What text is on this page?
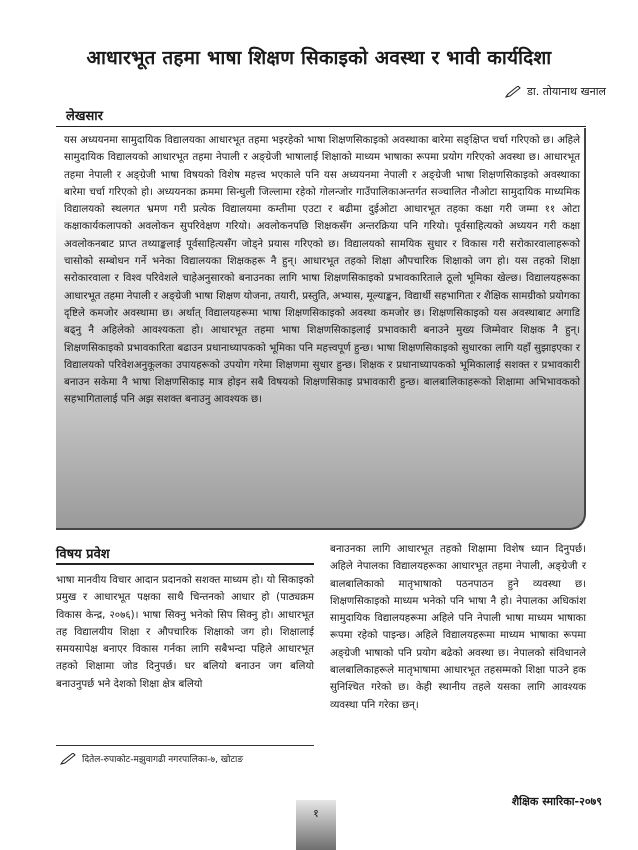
आधारभूत तहमा भाषा शिक्षण सिकाइको अवस्था र भावी कार्यदिशा
डा. तोयानाथ खनाल
लेखसार
यस अध्ययनमा सामुदायिक विद्यालयका आधारभूत तहमा भइरहेको भाषा शिक्षणसिकाइको अवस्थाका बारेमा सङ्क्षिप्त चर्चा गरिएको छ। अहिले सामुदायिक विद्यालयको आधारभूत तहमा नेपाली र अङ्ग्रेजी भाषालाई शिक्षाको माध्यम भाषाका रूपमा प्रयोग गरिएको अवस्था छ। आधारभूत तहमा नेपाली र अङ्ग्रेजी भाषा विषयको विशेष महत्त्व भएकाले पनि यस अध्ययनमा नेपाली र अङ्ग्रेजी भाषा शिक्षणसिकाइको अवस्थाका बारेमा चर्चा गरिएको हो। अध्ययनका क्रममा सिन्धुली जिल्लामा रहेको गोलन्जोर गाउँपालिकाअन्तर्गत सञ्चालित नौओटा सामुदायिक माध्यमिक विद्यालयको स्थलगत भ्रमण गरी प्रत्येक विद्यालयमा कम्तीमा एउटा र बढीमा दुईओटा आधारभूत तहका कक्षा गरी जम्मा ११ ओटा कक्षाकार्यकलापको अवलोकन सुपरिवेक्षण गरियो। अवलोकनपछि शिक्षकसँग अन्तरक्रिया पनि गरियो। पूर्वसाहित्यको अध्ययन गरी कक्षा अवलोकनबाट प्राप्त तथ्याङ्कलाई पूर्वसाहित्यसँग जोड्ने प्रयास गरिएको छ। विद्यालयको सामयिक सुधार र विकास गरी सरोकारवालाहरूको चासोको सम्बोधन गर्ने भनेका विद्यालयका शिक्षकहरू नै हुन्। आधारभूत तहको शिक्षा औपचारिक शिक्षाको जग हो। यस तहको शिक्षा सरोकारवाला र विश्व परिवेशले चाहेअनुसारको बनाउनका लागि भाषा शिक्षणसिकाइको प्रभावकारिताले ठूलो भूमिका खेल्छ। विद्यालयहरूका आधारभूत तहमा नेपाली र अङ्ग्रेजी भाषा शिक्षण योजना, तयारी, प्रस्तुति, अभ्यास, मूल्याङ्कन, विद्यार्थी सहभागिता र शैक्षिक सामग्रीको प्रयोगका दृष्टिले कमजोर अवस्थामा छ। अर्थात् विद्यालयहरूमा भाषा शिक्षणसिकाइको अवस्था कमजोर छ। शिक्षणसिकाइको यस अवस्थाबाट अगाडि बढ्नु नै अहिलेको आवश्यकता हो। आधारभूत तहमा भाषा शिक्षणसिकाइलाई प्रभावकारी बनाउने मुख्य जिम्मेवार शिक्षक नै हुन्। शिक्षणसिकाइको प्रभावकारिता बढाउन प्रधानाध्यापकको भूमिका पनि महत्त्वपूर्ण हुन्छ। भाषा शिक्षणसिकाइको सुधारका लागि यहाँ सुझाइएका र विद्यालयको परिवेशअनुकूलका उपायहरूको उपयोग गरेमा शिक्षणमा सुधार हुन्छ। शिक्षक र प्रधानाध्यापकको भूमिकालाई सशक्त र प्रभावकारी बनाउन सकेमा नै भाषा शिक्षणसिकाइ मात्र होइन सबै विषयको शिक्षणसिकाइ प्रभावकारी हुन्छ। बालबालिकाहरूको शिक्षामा अभिभावकको सहभागितालाई पनि अझ सशक्त बनाउनु आवश्यक छ।
विषय प्रवेश
भाषा मानवीय विचार आदान प्रदानको सशक्त माध्यम हो। यो सिकाइको प्रमुख र आधारभूत पक्षका साथै चिन्तनको आधार हो (पाठ्यक्रम विकास केन्द्र, २०७६)। भाषा सिक्नु भनेको सिप सिक्नु हो। आधारभूत तह विद्यालयीय शिक्षा र औपचारिक शिक्षाको जग हो। शिक्षालाई समयसापेक्ष बनाएर विकास गर्नका लागि सबैभन्दा पहिले आधारभूत तहको शिक्षामा जोड दिनुपर्छ। घर बलियो बनाउन जग बलियो बनाउनुपर्छ भने देशको शिक्षा क्षेत्र बलियो
बनाउनका लागि आधारभूत तहको शिक्षामा विशेष ध्यान दिनुपर्छ। अहिले नेपालका विद्यालयहरूका आधारभूत तहमा नेपाली, अङ्ग्रेजी र बालबालिकाको मातृभाषाको पठनपाठन हुने व्यवस्था छ। शिक्षणसिकाइको माध्यम भनेको पनि भाषा नै हो। नेपालका अधिकांश सामुदायिक विद्यालयहरूमा अहिले पनि नेपाली भाषा माध्यम भाषाका रूपमा रहेको पाइन्छ। अहिले विद्यालयहरूमा माध्यम भाषाका रूपमा अङ्ग्रेजी भाषाको पनि प्रयोग बढेको अवस्था छ। नेपालको संविधानले बालबालिकाहरूले मातृभाषामा आधारभूत तहसम्मको शिक्षा पाउने हक सुनिश्चित गरेको छ। केही स्थानीय तहले यसका लागि आवश्यक व्यवस्था पनि गरेका छन्।
दितेल-रुपाकोट-मझुवागढी नगरपालिका-७, खोटाङ
१
शैक्षिक स्मारिका-२०७९
